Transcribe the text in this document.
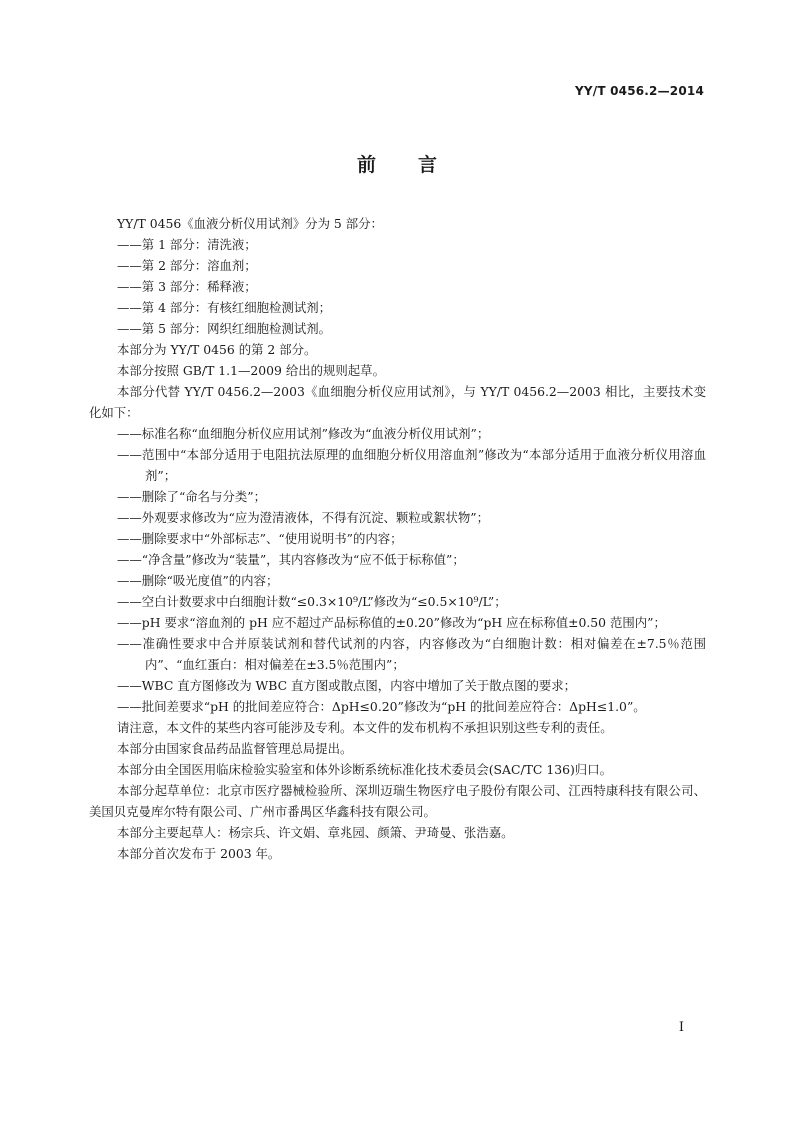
YY/T 0456.2—2014
前言

YY/T 0456《血液分析仪用试剂》分为 5 部分：

——第 1 部分：清洗液；

——第 2 部分：溶血剂；

——第 3 部分：稀释液；

——第 4 部分：有核红细胞检测试剂；

——第 5 部分：网织红细胞检测试剂。

本部分为 YY/T 0456 的第 2 部分。

本部分按照 GB/T 1.1—2009 给出的规则起草。

本部分代替 YY/T 0456.2—2003《血细胞分析仪应用试剂》，与 YY/T 0456.2—2003 相比，主要技术变化如下：

——标准名称“血细胞分析仪应用试剂”修改为“血液分析仪用试剂”；

——范围中“本部分适用于电阻抗法原理的血细胞分析仪用溶血剂”修改为“本部分适用于血液分析仪用溶血剂”；

——删除了“命名与分类”；

——外观要求修改为“应为澄清液体，不得有沉淀、颗粒或絮状物”；

——删除要求中“外部标志”、“使用说明书”的内容；

——“净含量”修改为“装量”，其内容修改为“应不低于标称值”；

——删除“吸光度值”的内容；

——空白计数要求中白细胞计数“≤0.3×10⁹/L”修改为“≤0.5×10⁹/L”；

——pH 要求“溶血剂的 pH 应不超过产品标称值的±0.20”修改为“pH 应在标称值±0.50 范围内”；

——准确性要求中合并原装试剂和替代试剂的内容，内容修改为“白细胞计数：相对偏差在±7.5％范围内”、“血红蛋白：相对偏差在±3.5％范围内”；

——WBC 直方图修改为 WBC 直方图或散点图，内容中增加了关于散点图的要求；

——批间差要求“pH 的批间差应符合：ΔpH≤0.20”修改为“pH 的批间差应符合：ΔpH≤1.0”。

请注意，本文件的某些内容可能涉及专利。本文件的发布机构不承担识别这些专利的责任。

本部分由国家食品药品监督管理总局提出。

本部分由全国医用临床检验实验室和体外诊断系统标准化技术委员会(SAC/TC 136)归口。

本部分起草单位：北京市医疗器械检验所、深圳迈瑞生物医疗电子股份有限公司、江西特康科技有限公司、美国贝克曼库尔特有限公司、广州市番禺区华鑫科技有限公司。

本部分主要起草人：杨宗兵、许文娟、章兆园、颜箫、尹琦曼、张浩嘉。

本部分首次发布于 2003 年。

I
